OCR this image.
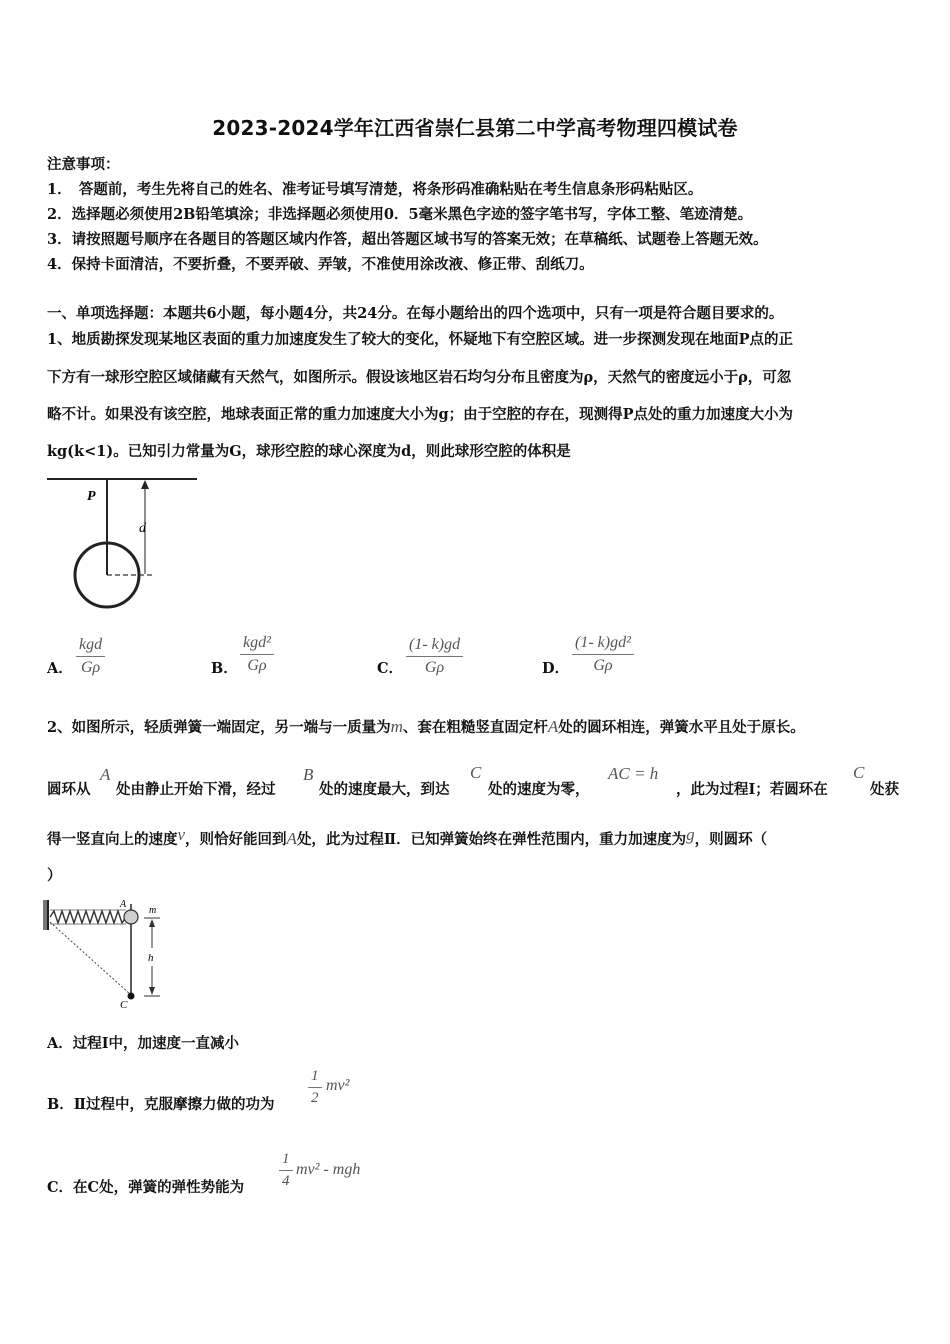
2023-2024学年江西省崇仁县第二中学高考物理四模试卷
注意事项：
1．　答题前，考生先将自己的姓名、准考证号填写清楚，将条形码准确粘贴在考生信息条形码粘贴区。
2．选择题必须使用2B铅笔填涂；非选择题必须使用0．5毫米黑色字迹的签字笔书写，字体工整、笔迹清楚。
3．请按照题号顺序在各题目的答题区域内作答，超出答题区域书写的答案无效；在草稿纸、试题卷上答题无效。
4．保持卡面清洁，不要折叠，不要弄破、弄皱，不准使用涂改液、修正带、刮纸刀。
一、单项选择题：本题共6小题，每小题4分，共24分。在每小题给出的四个选项中，只有一项是符合题目要求的。
1、地质勘探发现某地区表面的重力加速度发生了较大的变化，怀疑地下有空腔区域。进一步探测发现在地面P点的正
下方有一球形空腔区域储藏有天然气，如图所示。假设该地区岩石均匀分布且密度为ρ，天然气的密度远小于ρ，可忽
略不计。如果没有该空腔，地球表面正常的重力加速度大小为g；由于空腔的存在，现测得P点处的重力加速度大小为
kg(k<1)。已知引力常量为G，球形空腔的球心深度为d，则此球形空腔的体积是
P
d
A．
kgd
Gρ	B．
kgd²
Gρ	C． $\frac{(1- k)gd}{G\rho}$	D． $\frac{\text{(1- k)gd²}}{G\rho}$
2、如图所示，轻质弹簧一端固定，另一端与一质量为m、套在粗糙竖直固定杆A处的圆环相连，弹簧水平且处于原长。
圆环从
A
处由静止开始下滑，经过
B
处的速度最大，到达
C
处的速度为零，
AC = h
，此为过程Ⅰ；若圆环在
C
处获
得一竖直向上的速度v，则恰好能回到A处，此为过程Ⅱ．已知弹簧始终在弹性范围内，重力加速度为g，则圆环（
）
A
m
h
C
A．过程Ⅰ中，加速度一直减小
B．Ⅱ过程中，克服摩擦力做的功为 $\frac{1}{2} mv^2$
C．在C处，弹簧的弹性势能为 $\frac{1}{4} mv^2$ - mgh
